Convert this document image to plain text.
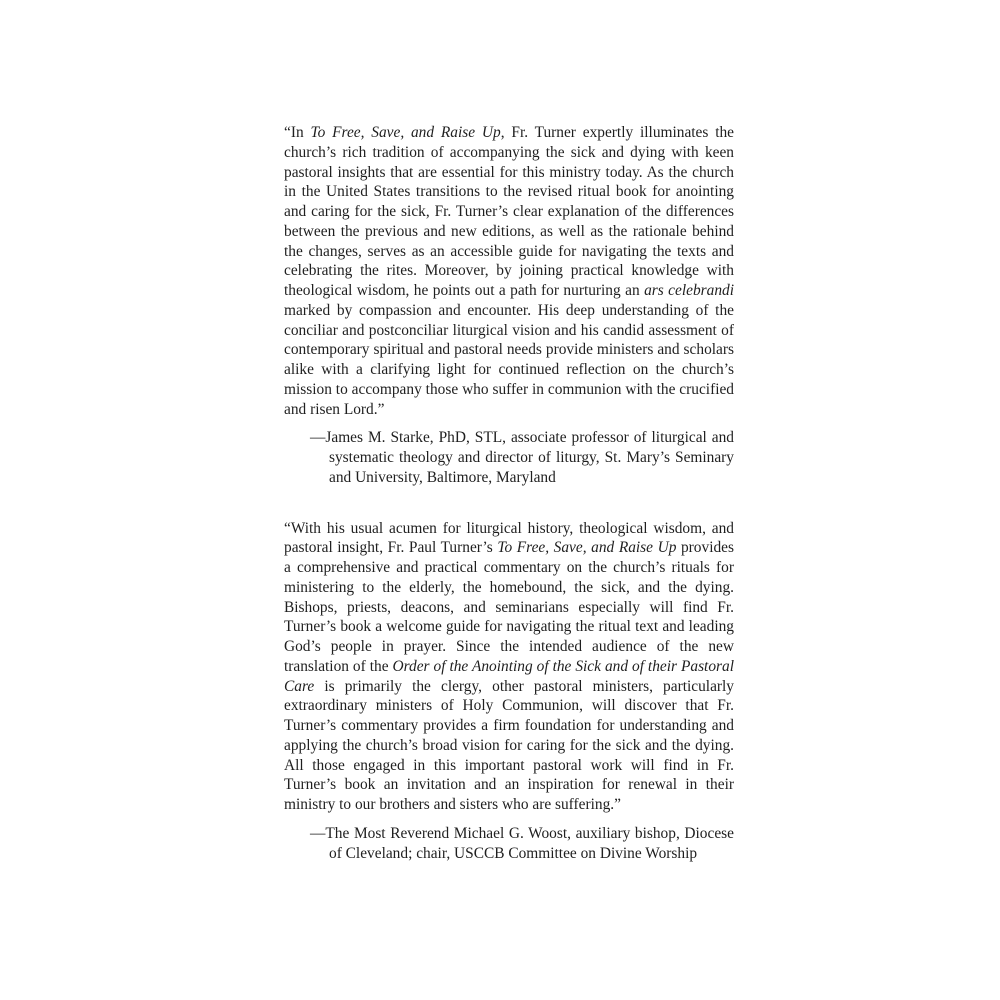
“In To Free, Save, and Raise Up, Fr. Turner expertly illuminates the church’s rich tradition of accompanying the sick and dying with keen pastoral insights that are essential for this ministry today. As the church in the United States transitions to the revised ritual book for anointing and caring for the sick, Fr. Turner’s clear explanation of the differences between the previous and new editions, as well as the rationale behind the changes, serves as an accessible guide for navigating the texts and celebrating the rites. Moreover, by joining practical knowledge with theological wisdom, he points out a path for nurturing an ars celebrandi marked by compassion and encounter. His deep understanding of the conciliar and postconciliar liturgical vision and his candid assessment of contemporary spiritual and pastoral needs provide ministers and scholars alike with a clarifying light for continued reflection on the church’s mission to accompany those who suffer in communion with the crucified and risen Lord.”

—James M. Starke, PhD, STL, associate professor of liturgical and systematic theology and director of liturgy, St. Mary’s Seminary and University, Baltimore, Maryland

“With his usual acumen for liturgical history, theological wisdom, and pastoral insight, Fr. Paul Turner’s To Free, Save, and Raise Up provides a comprehensive and practical commentary on the church’s rituals for ministering to the elderly, the homebound, the sick, and the dying. Bishops, priests, deacons, and seminarians especially will find Fr. Turner’s book a welcome guide for navigating the ritual text and leading God’s people in prayer. Since the intended audience of the new translation of the Order of the Anointing of the Sick and of their Pastoral Care is primarily the clergy, other pastoral ministers, particularly extraordinary ministers of Holy Communion, will discover that Fr. Turner’s commentary provides a firm foundation for understanding and applying the church’s broad vision for caring for the sick and the dying. All those engaged in this important pastoral work will find in Fr. Turner’s book an invitation and an inspiration for renewal in their ministry to our brothers and sisters who are suffering.”

—The Most Reverend Michael G. Woost, auxiliary bishop, Diocese of Cleveland; chair, USCCB Committee on Divine Worship
